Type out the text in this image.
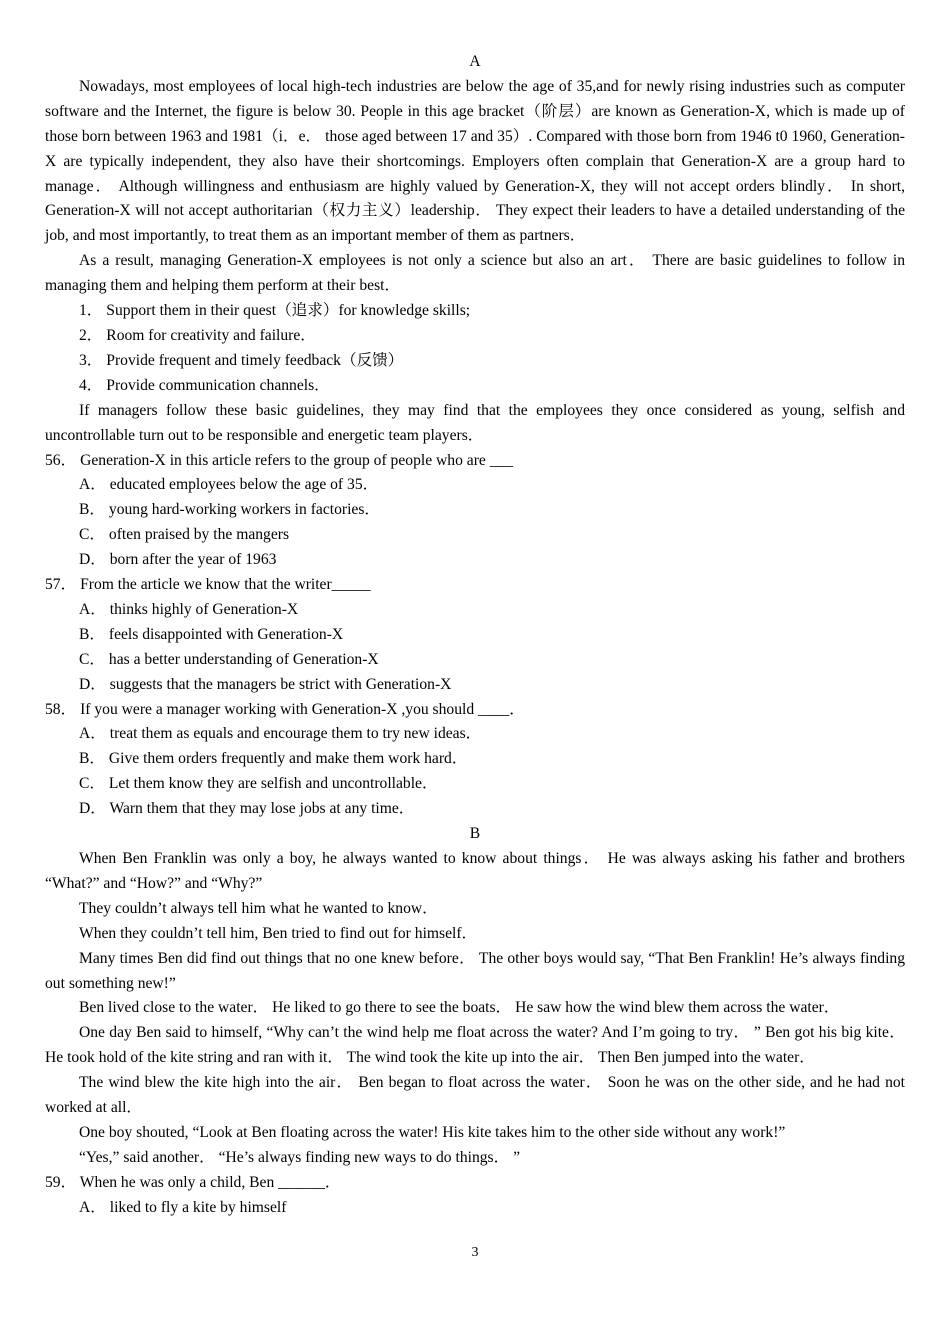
A
Nowadays, most employees of local high-tech industries are below the age of 35,and for newly rising industries such as computer software and the Internet, the figure is below 30. People in this age bracket（阶层）are known as Generation-X, which is made up of those born between 1963 and 1981（i．e． those aged between 17 and 35）. Compared with those born from 1946 t0 1960, Generation-X are typically independent, they also have their shortcomings. Employers often complain that Generation-X are a group hard to manage． Although willingness and enthusiasm are highly valued by Generation-X, they will not accept orders blindly． In short, Generation-X will not accept authoritarian（权力主义）leadership． They expect their leaders to have a detailed understanding of the job, and most importantly, to treat them as an important member of them as partners．
As a result, managing Generation-X employees is not only a science but also an art． There are basic guidelines to follow in managing them and helping them perform at their best．
1． Support them in their quest（追求）for knowledge skills;
2． Room for creativity and failure．
3． Provide frequent and timely feedback（反馈）
4． Provide communication channels．
If managers follow these basic guidelines, they may find that the employees they once considered as young, selfish and uncontrollable turn out to be responsible and energetic team players．
56． Generation-X in this article refers to the group of people who are ___
A． educated employees below the age of 35．
B． young hard-working workers in factories．
C． often praised by the mangers
D． born after the year of 1963
57． From the article we know that the writer_____
A． thinks highly of Generation-X
B． feels disappointed with Generation-X
C． has a better understanding of Generation-X
D． suggests that the managers be strict with Generation-X
58． If you were a manager working with Generation-X ,you should ____．
A． treat them as equals and encourage them to try new ideas．
B． Give them orders frequently and make them work hard．
C． Let them know they are selfish and uncontrollable．
D． Warn them that they may lose jobs at any time．
B
When Ben Franklin was only a boy, he always wanted to know about things． He was always asking his father and brothers “What?” and “How?” and “Why?”
They couldn’t always tell him what he wanted to know．
When they couldn’t tell him, Ben tried to find out for himself．
Many times Ben did find out things that no one knew before． The other boys would say, “That Ben Franklin! He’s always finding out something new!”
Ben lived close to the water． He liked to go there to see the boats． He saw how the wind blew them across the water．
One day Ben said to himself, “Why can’t the wind help me float across the water? And I’m going to try． ” Ben got his big kite． He took hold of the kite string and ran with it． The wind took the kite up into the air． Then Ben jumped into the water．
The wind blew the kite high into the air． Ben began to float across the water． Soon he was on the other side, and he had not worked at all．
One boy shouted, “Look at Ben floating across the water! His kite takes him to the other side without any work!”
“Yes,” said another． “He’s always finding new ways to do things． ”
59． When he was only a child, Ben ______．
A． liked to fly a kite by himself
3
